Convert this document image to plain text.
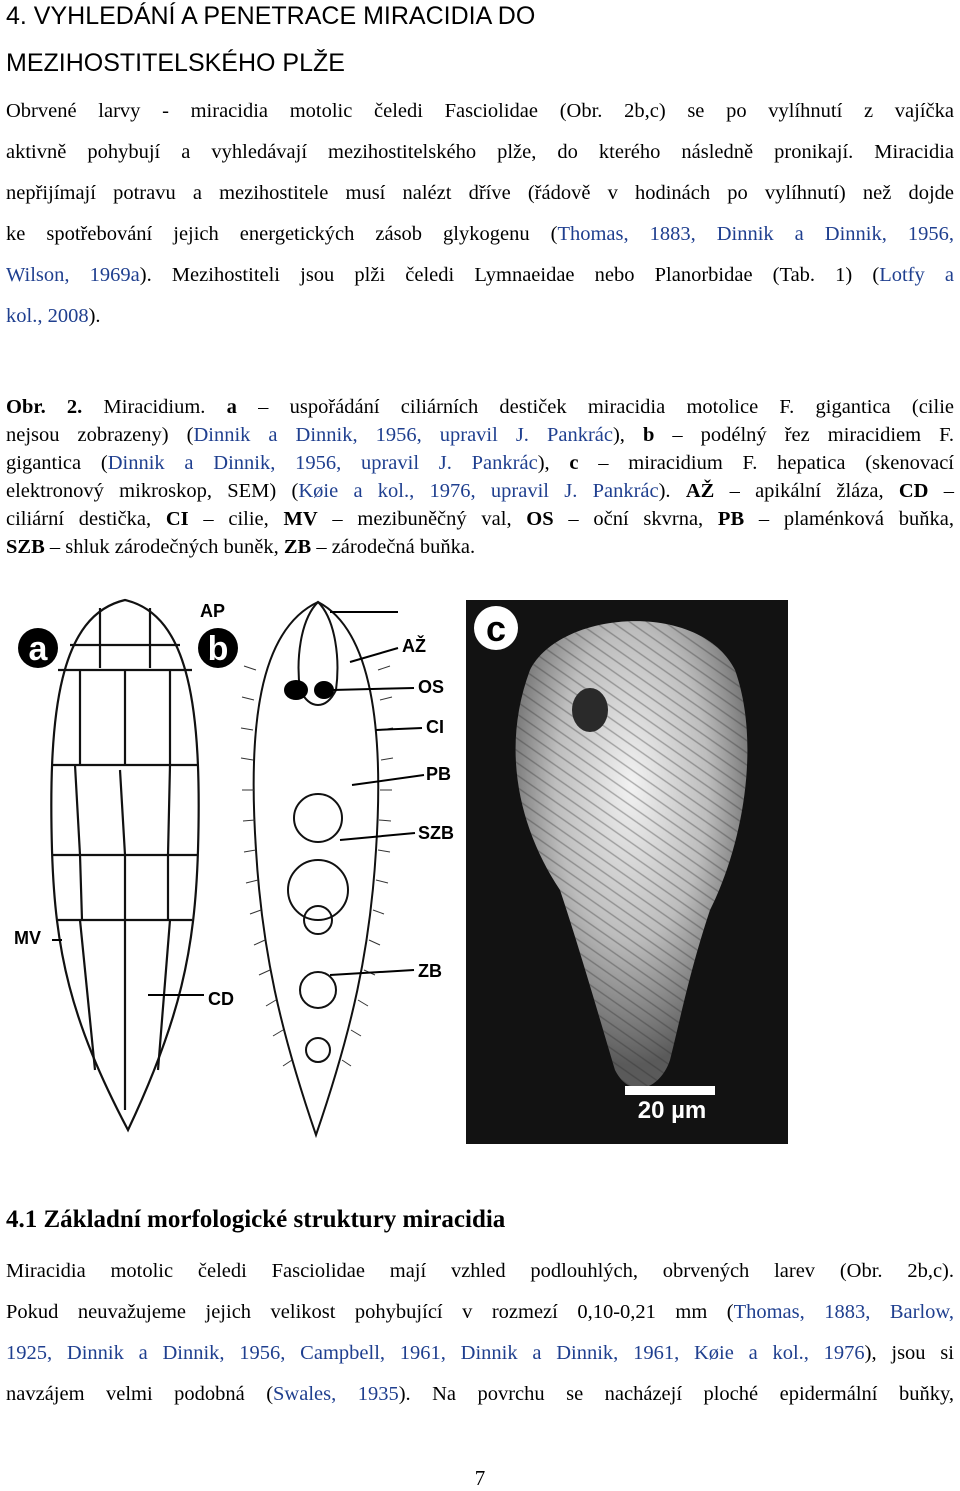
4. VYHLEDÁNÍ A PENETRACE MIRACIDIA DO
MEZIHOSTITELSKÉHO PLŽE
Obrvené larvy - miracidia motolic čeledi Fasciolidae (Obr. 2b,c) se po vylíhnutí z vajíčka
aktivně pohybují a vyhledávají mezihostitelského plže, do kterého následně pronikají. Miracidia
nepřijímají potravu a mezihostitele musí nalézt dříve (řádově v hodinách po vylíhnutí) než dojde
ke spotřebování jejich energetických zásob glykogenu (Thomas, 1883, Dinnik a Dinnik, 1956,
Wilson, 1969a). Mezihostiteli jsou plži čeledi Lymnaeidae nebo Planorbidae (Tab. 1) (Lotfy a
kol., 2008).
Obr. 2. Miracidium. a – uspořádání ciliárních destiček miracidia motolice F. gigantica (cilie
nejsou zobrazeny) (Dinnik a Dinnik, 1956, upravil J. Pankrác), b – podélný řez miracidiem F.
gigantica (Dinnik a Dinnik, 1956, upravil J. Pankrác), c – miracidium F. hepatica (skenovací
elektronový mikroskop, SEM) (Køie a kol., 1976, upravil J. Pankrác). AŽ – apikální žláza, CD –
ciliární destička, CI – cilie, MV – mezibuněčný val, OS – oční skvrna, PB – plaménková buňka,
SZB – shluk zárodečných buněk, ZB – zárodečná buňka.
a	b
AP
AŽ
OS
CI
PB
SZB
MV
ZB
CD
20 µm
c
4.1 Základní morfologické struktury miracidia
Miracidia motolic čeledi Fasciolidae mají vzhled podlouhlých, obrvených larev (Obr. 2b,c).
Pokud neuvažujeme jejich velikost pohybující v rozmezí 0,10-0,21 mm (Thomas, 1883, Barlow,
1925, Dinnik a Dinnik, 1956, Campbell, 1961, Dinnik a Dinnik, 1961, Køie a kol., 1976), jsou si
navzájem velmi podobná (Swales, 1935). Na povrchu se nacházejí ploché epidermální buňky,
7
